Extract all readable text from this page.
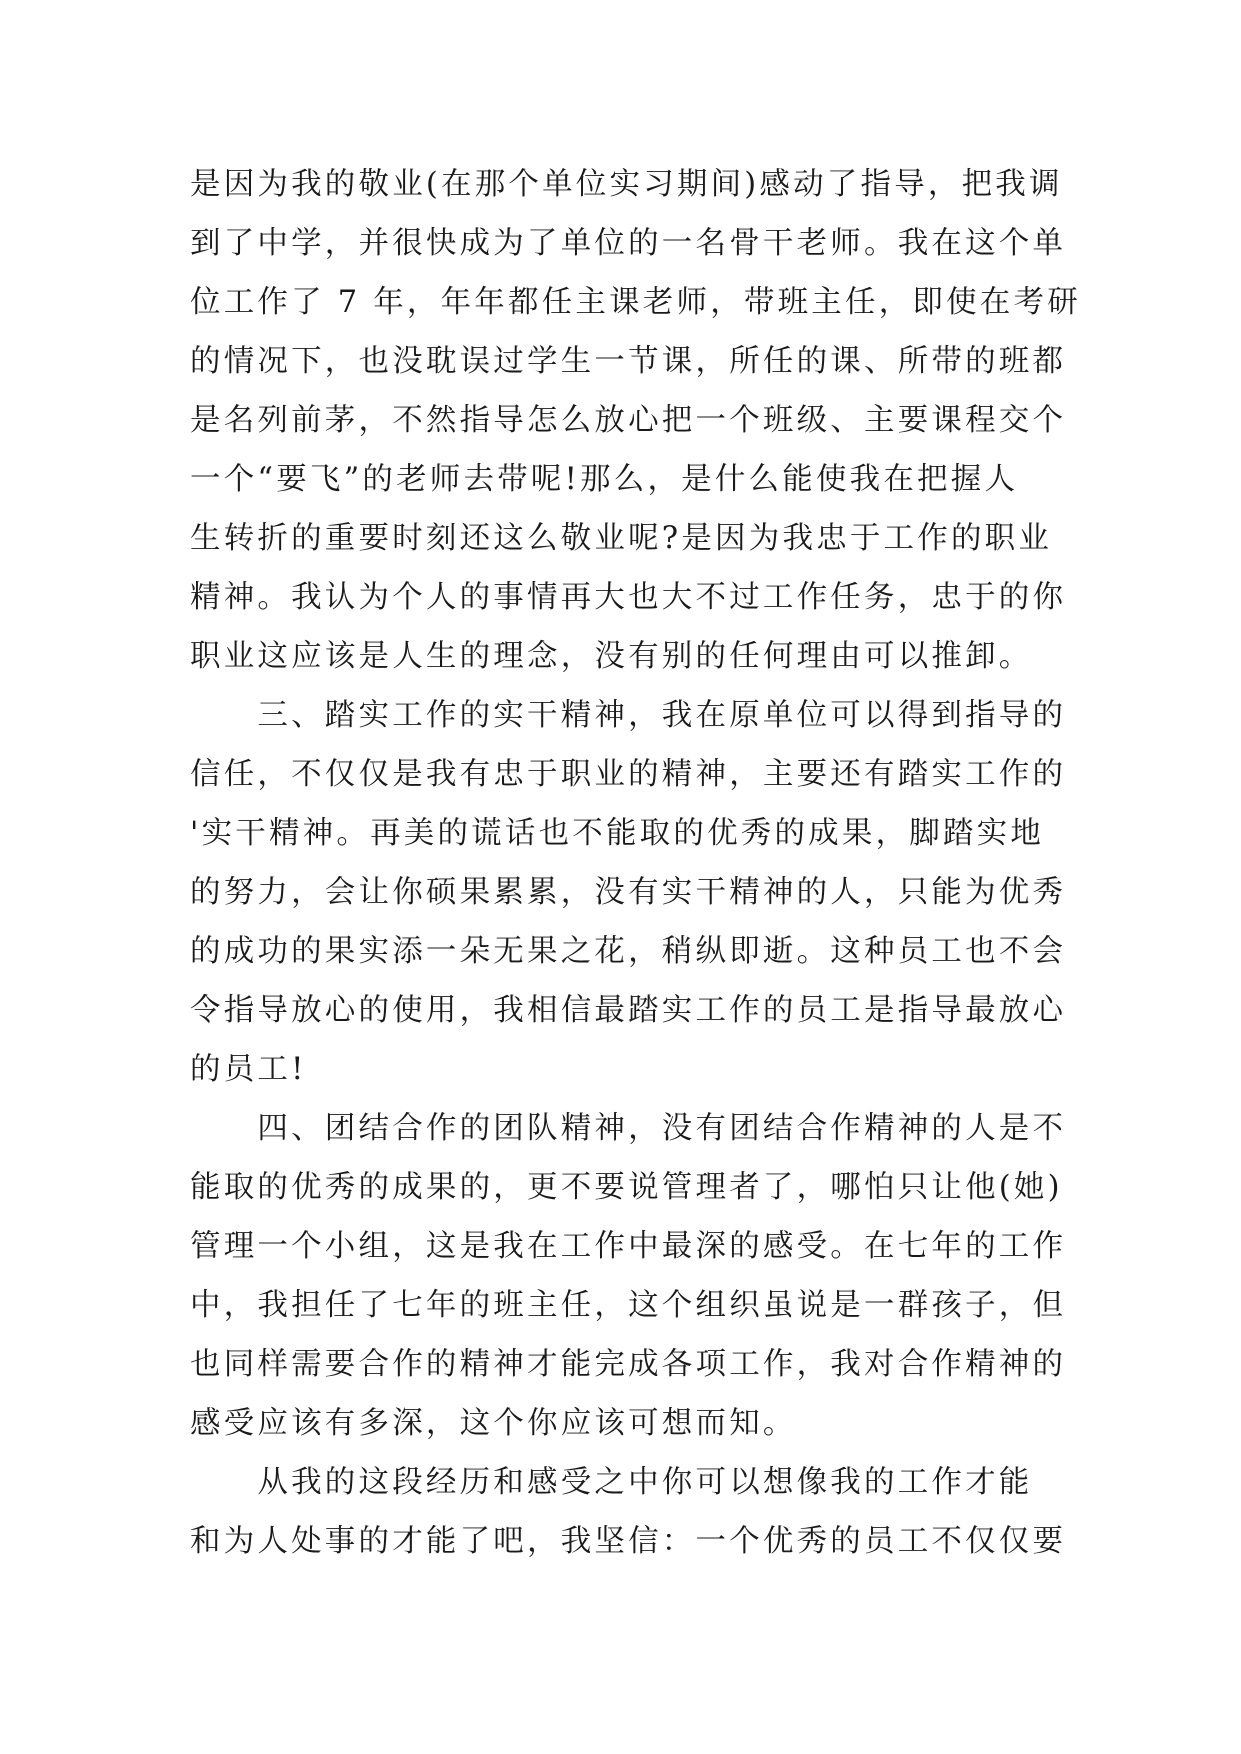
是因为我的敬业(在那个单位实习期间)感动了指导，把我调
到了中学，并很快成为了单位的一名骨干老师。我在这个单
位工作了 7 年，年年都任主课老师，带班主任，即使在考研
的情况下，也没耽误过学生一节课，所任的课、所带的班都
是名列前茅，不然指导怎么放心把一个班级、主要课程交个
一个“要飞”的老师去带呢!那么，是什么能使我在把握人
生转折的重要时刻还这么敬业呢?是因为我忠于工作的职业
精神。我认为个人的事情再大也大不过工作任务，忠于的你
职业这应该是人生的理念，没有别的任何理由可以推卸。
　　三、踏实工作的实干精神，我在原单位可以得到指导的
信任，不仅仅是我有忠于职业的精神，主要还有踏实工作的
'实干精神。再美的谎话也不能取的优秀的成果，脚踏实地
的努力，会让你硕果累累，没有实干精神的人，只能为优秀
的成功的果实添一朵无果之花，稍纵即逝。这种员工也不会
令指导放心的使用，我相信最踏实工作的员工是指导最放心
的员工!
　　四、团结合作的团队精神，没有团结合作精神的人是不
能取的优秀的成果的，更不要说管理者了，哪怕只让他(她)
管理一个小组，这是我在工作中最深的感受。在七年的工作
中，我担任了七年的班主任，这个组织虽说是一群孩子，但
也同样需要合作的精神才能完成各项工作，我对合作精神的
感受应该有多深，这个你应该可想而知。
　　从我的这段经历和感受之中你可以想像我的工作才能
和为人处事的才能了吧，我坚信：一个优秀的员工不仅仅要
